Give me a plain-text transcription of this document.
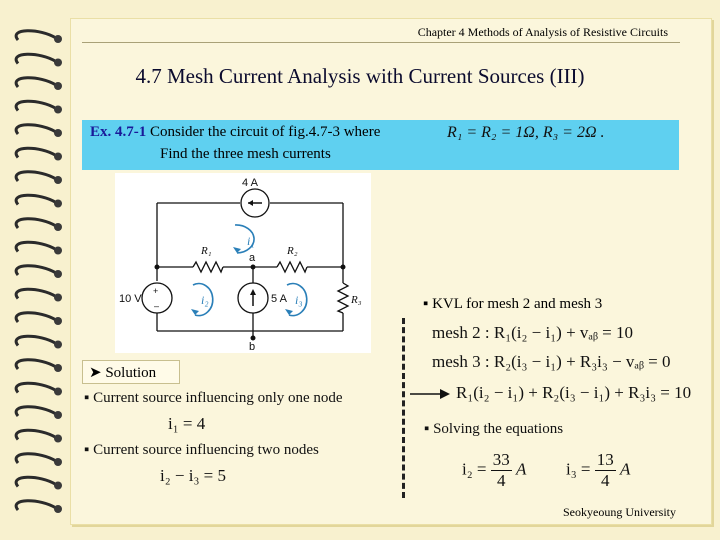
Chapter 4 Methods of Analysis of Resistive Circuits
4.7 Mesh Current Analysis with Current Sources (III)
Ex. 4.7-1 Consider the circuit of fig.4.7-3 where
Find the three mesh currents
R₁ = R₂ = 1Ω, R₃ = 2Ω .
+
–
4 A
R₁	R₂
R₃
a
b
10 V	5 A
i₁
i₂	i₃	▪ KVL for mesh 2 and mesh 3
mesh 2 : R₁(i₂ − i₁) + vₐᵦ = 10
mesh 3 : R₂(i₃ − i₁) + R₃i₃ − vₐᵦ = 0
R₁(i₂ − i₁) + R₂(i₃ − i₁) + R₃i₃ = 10
➤ Solution
▪ Current source influencing only one node
i₁ = 4
▪ Current source influencing two nodes
i₂ − i₃ = 5
▪ Solving the equations
$i_2 = \frac{33}{4}$ A $i_3 = \frac{13}{4}$ A
Seokyeoung University
